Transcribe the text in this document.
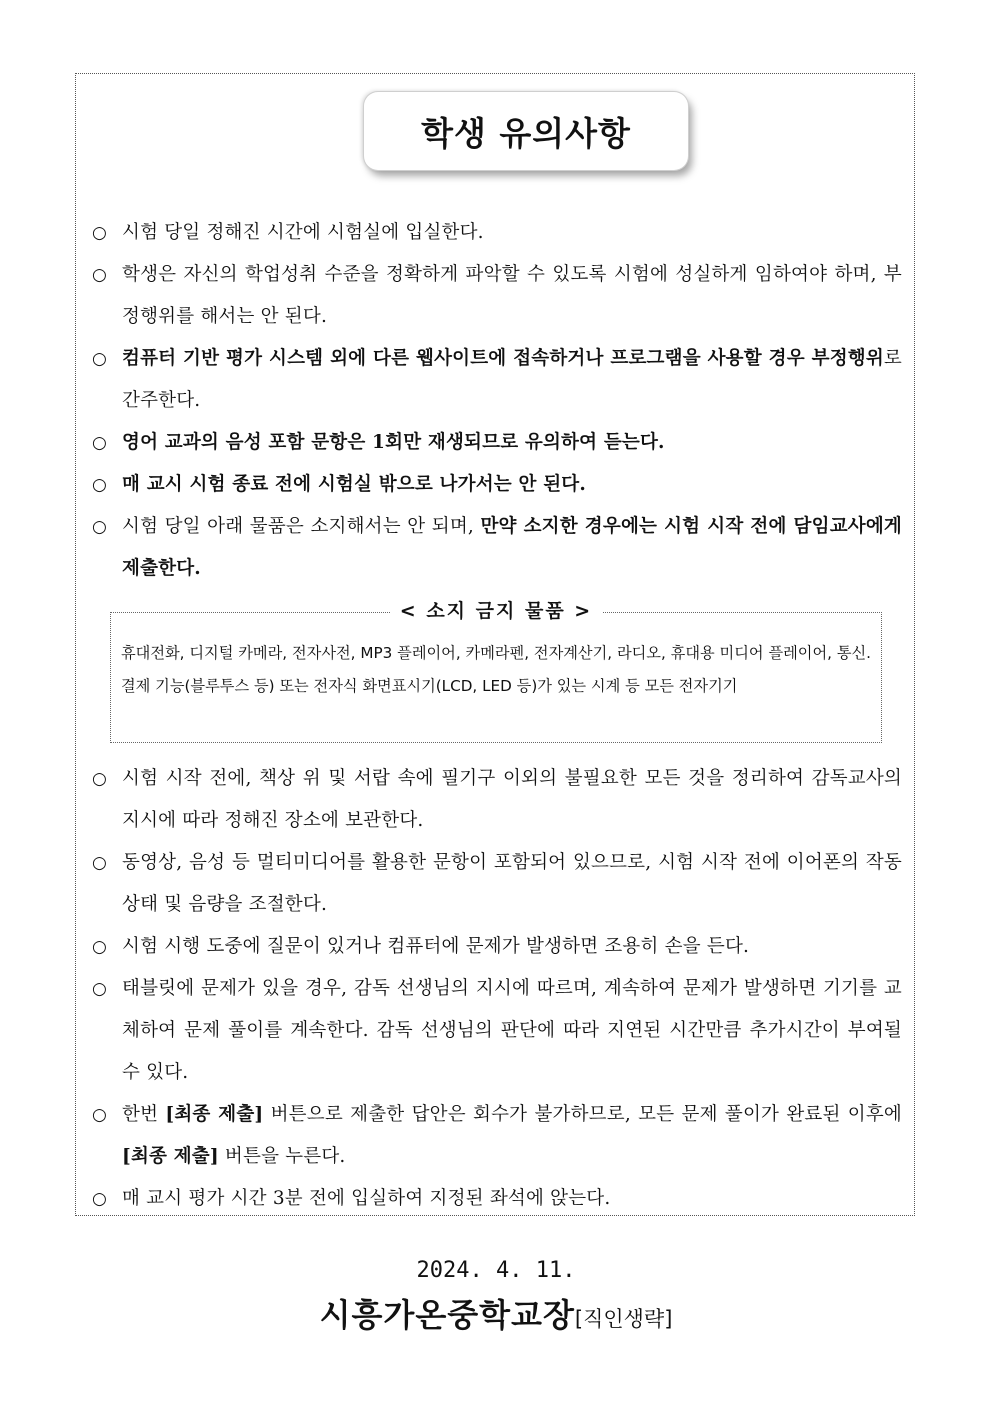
학생 유의사항
○ 시험 당일 정해진 시간에 시험실에 입실한다.
○ 학생은 자신의 학업성취 수준을 정확하게 파악할 수 있도록 시험에 성실하게 임하여야 하며, 부정행위를 해서는 안 된다.
○ 컴퓨터 기반 평가 시스템 외에 다른 웹사이트에 접속하거나 프로그램을 사용할 경우 부정행위로 간주한다.
○ 영어 교과의 음성 포함 문항은 1회만 재생되므로 유의하여 듣는다.
○ 매 교시 시험 종료 전에 시험실 밖으로 나가서는 안 된다.
○ 시험 당일 아래 물품은 소지해서는 안 되며, 만약 소지한 경우에는 시험 시작 전에 담임교사에게 제출한다.
휴대전화, 디지털 카메라, 전자사전, MP3 플레이어, 카메라펜, 전자계산기, 라디오, 휴대용 미디어 플레이어, 통신.결제 기능(블루투스 등) 또는 전자식 화면표시기(LCD, LED 등)가 있는 시계 등 모든 전자기기
< 소지 금지 물품 >
○ 시험 시작 전에, 책상 위 및 서랍 속에 필기구 이외의 불필요한 모든 것을 정리하여 감독교사의 지시에 따라 정해진 장소에 보관한다.
○ 동영상, 음성 등 멀티미디어를 활용한 문항이 포함되어 있으므로, 시험 시작 전에 이어폰의 작동 상태 및 음량을 조절한다.
○ 시험 시행 도중에 질문이 있거나 컴퓨터에 문제가 발생하면 조용히 손을 든다.
○ 태블릿에 문제가 있을 경우, 감독 선생님의 지시에 따르며, 계속하여 문제가 발생하면 기기를 교체하여 문제 풀이를 계속한다. 감독 선생님의 판단에 따라 지연된 시간만큼 추가시간이 부여될 수 있다.
○ 한번 [최종 제출] 버튼으로 제출한 답안은 회수가 불가하므로, 모든 문제 풀이가 완료된 이후에 [최종 제출] 버튼을 누른다.
○ 매 교시 평가 시간 3분 전에 입실하여 지정된 좌석에 앉는다.
2024. 4. 11.
시흥가온중학교장[직인생략]
